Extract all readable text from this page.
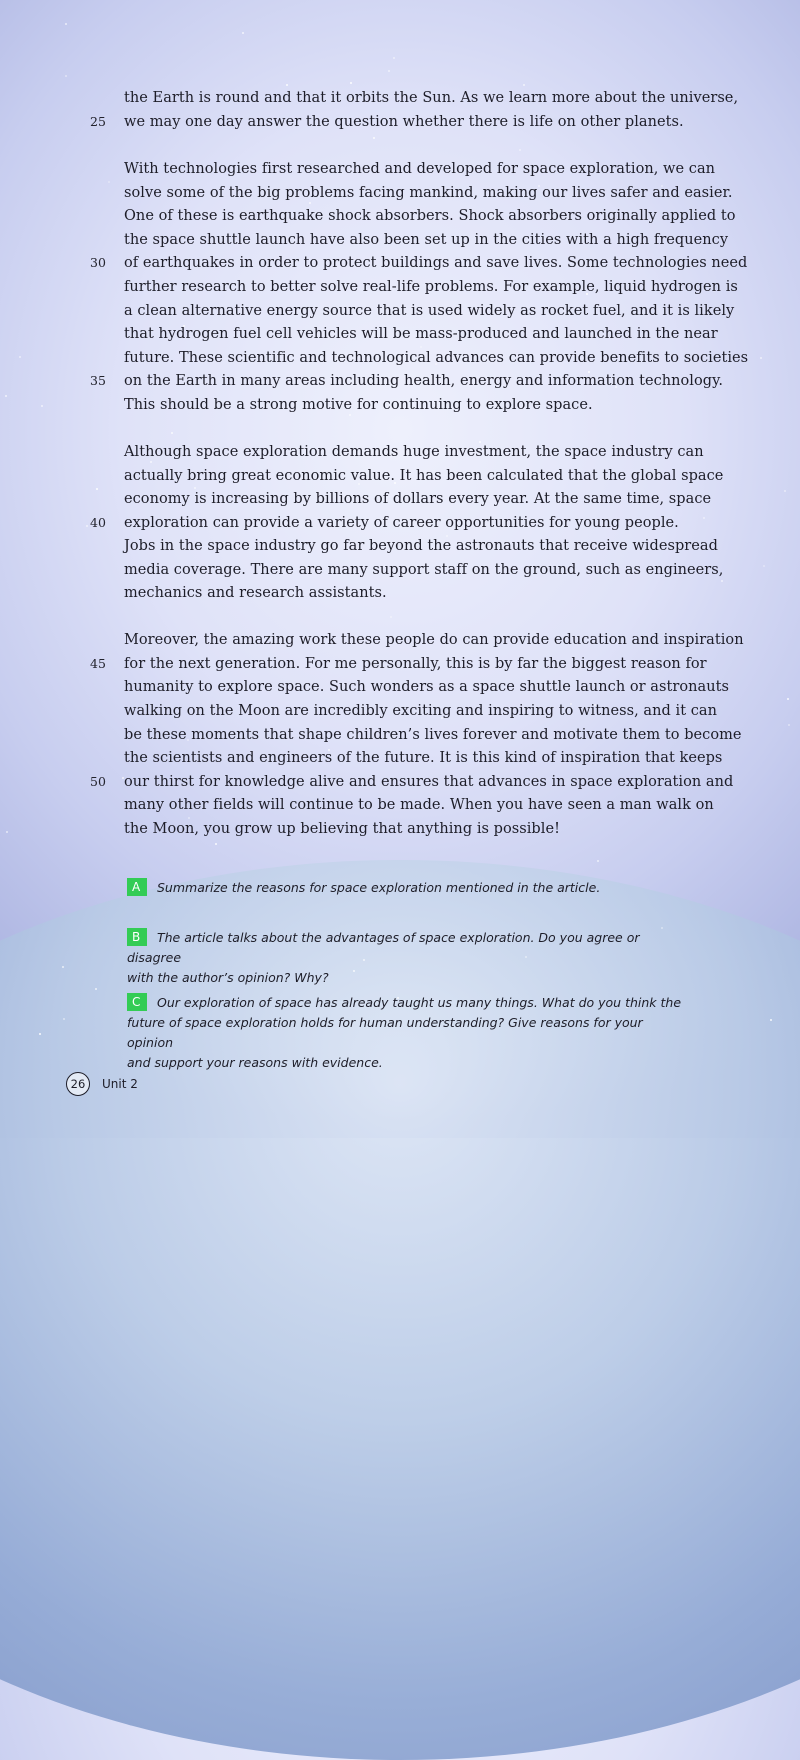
the Earth is round and that it orbits the Sun. As we learn more about the universe,
we may one day answer the question whether there is life on other planets.
With technologies first researched and developed for space exploration, we can
solve some of the big problems facing mankind, making our lives safer and easier.
One of these is earthquake shock absorbers. Shock absorbers originally applied to
the space shuttle launch have also been set up in the cities with a high frequency
of earthquakes in order to protect buildings and save lives. Some technologies need
further research to better solve real-life problems. For example, liquid hydrogen is
a clean alternative energy source that is used widely as rocket fuel, and it is likely
that hydrogen fuel cell vehicles will be mass-produced and launched in the near
future. These scientific and technological advances can provide benefits to societies
on the Earth in many areas including health, energy and information technology.
This should be a strong motive for continuing to explore space.
Although space exploration demands huge investment, the space industry can
actually bring great economic value. It has been calculated that the global space
economy is increasing by billions of dollars every year. At the same time, space
exploration can provide a variety of career opportunities for young people.
Jobs in the space industry go far beyond the astronauts that receive widespread
media coverage. There are many support staff on the ground, such as engineers,
mechanics and research assistants.
Moreover, the amazing work these people do can provide education and inspiration
for the next generation. For me personally, this is by far the biggest reason for
humanity to explore space. Such wonders as a space shuttle launch or astronauts
walking on the Moon are incredibly exciting and inspiring to witness, and it can
be these moments that shape children’s lives forever and motivate them to become
the scientists and engineers of the future. It is this kind of inspiration that keeps
our thirst for knowledge alive and ensures that advances in space exploration and
many other fields will continue to be made. When you have seen a man walk on
the Moon, you grow up believing that anything is possible!
25
30
35
40
45
50
A Summarize the reasons for space exploration mentioned in the article.
B The article talks about the advantages of space exploration. Do you agree or disagree
with the author’s opinion? Why?
C Our exploration of space has already taught us many things. What do you think the
future of space exploration holds for human understanding? Give reasons for your opinion
and support your reasons with evidence.
26	Unit 2
